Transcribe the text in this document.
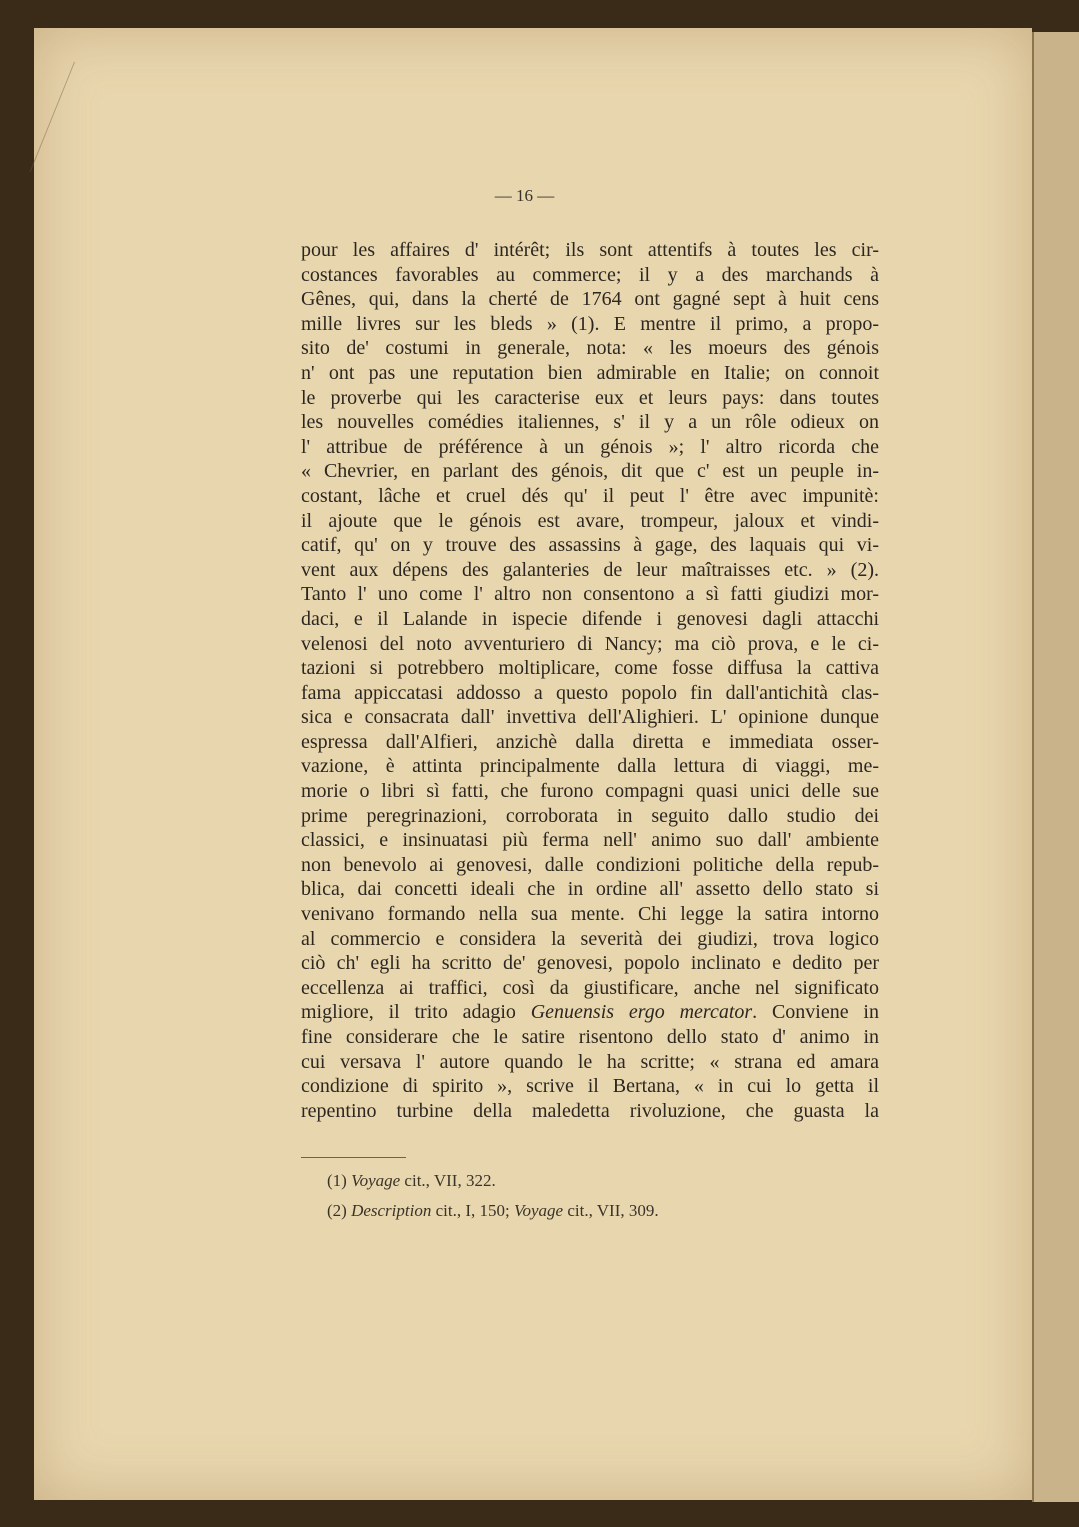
— 16 —
pour les affaires d' intérêt; ils sont attentifs à toutes les cir-
costances favorables au commerce; il y a des marchands à
Gênes, qui, dans la cherté de 1764 ont gagné sept à huit cens
mille livres sur les bleds » (1). E mentre il primo, a propo-
sito de' costumi in generale, nota: « les moeurs des génois
n' ont pas une reputation bien admirable en Italie; on connoit
le proverbe qui les caracterise eux et leurs pays: dans toutes
les nouvelles comédies italiennes, s' il y a un rôle odieux on
l' attribue de préférence à un génois »; l' altro ricorda che
« Chevrier, en parlant des génois, dit que c' est un peuple in-
costant, lâche et cruel dés qu' il peut l' être avec impunitè:
il ajoute que le génois est avare, trompeur, jaloux et vindi-
catif, qu' on y trouve des assassins à gage, des laquais qui vi-
vent aux dépens des galanteries de leur maîtraisses etc. » (2).
Tanto l' uno come l' altro non consentono a sì fatti giudizi mor-
daci, e il Lalande in ispecie difende i genovesi dagli attacchi
velenosi del noto avventuriero di Nancy; ma ciò prova, e le ci-
tazioni si potrebbero moltiplicare, come fosse diffusa la cattiva
fama appiccatasi addosso a questo popolo fin dall'antichità clas-
sica e consacrata dall' invettiva dell'Alighieri. L' opinione dunque
espressa dall'Alfieri, anzichè dalla diretta e immediata osser-
vazione, è attinta principalmente dalla lettura di viaggi, me-
morie o libri sì fatti, che furono compagni quasi unici delle sue
prime peregrinazioni, corroborata in seguito dallo studio dei
classici, e insinuatasi più ferma nell' animo suo dall' ambiente
non benevolo ai genovesi, dalle condizioni politiche della repub-
blica, dai concetti ideali che in ordine all' assetto dello stato si
venivano formando nella sua mente. Chi legge la satira intorno
al commercio e considera la severità dei giudizi, trova logico
ciò ch' egli ha scritto de' genovesi, popolo inclinato e dedito per
eccellenza ai traffici, così da giustificare, anche nel significato
migliore, il trito adagio Genuensis ergo mercator. Conviene in
fine considerare che le satire risentono dello stato d' animo in
cui versava l' autore quando le ha scritte; « strana ed amara
condizione di spirito », scrive il Bertana, « in cui lo getta il
repentino turbine della maledetta rivoluzione, che guasta la
(1) Voyage cit., VII, 322.
(2) Description cit., I, 150; Voyage cit., VII, 309.
